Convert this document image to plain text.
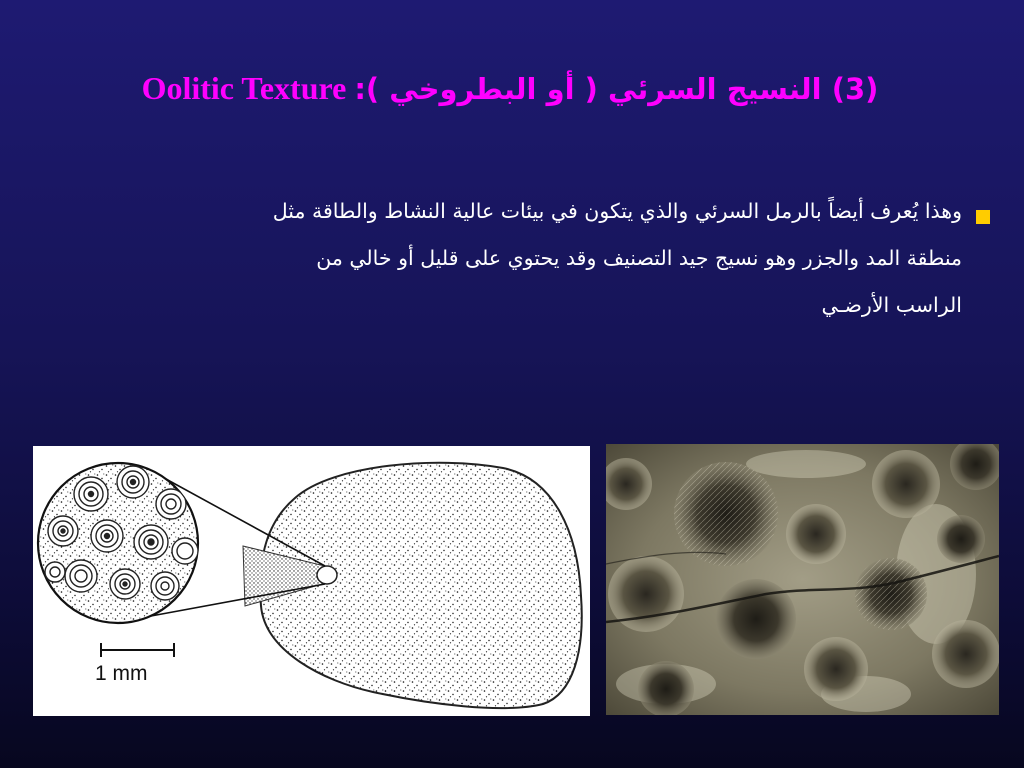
Oolitic Texture (3) النسيج السرئي ( أو البطروخي ):
وهذا يُعرف أيضاً بالرمل السرئي والذي يتكون في بيئات عالية النشاط والطاقة مثل
منطقة المد والجزر وهو نسيج جيد التصنيف وقد يحتوي على قليل أو خالي من
الراسب الأرضـي
1 mm
